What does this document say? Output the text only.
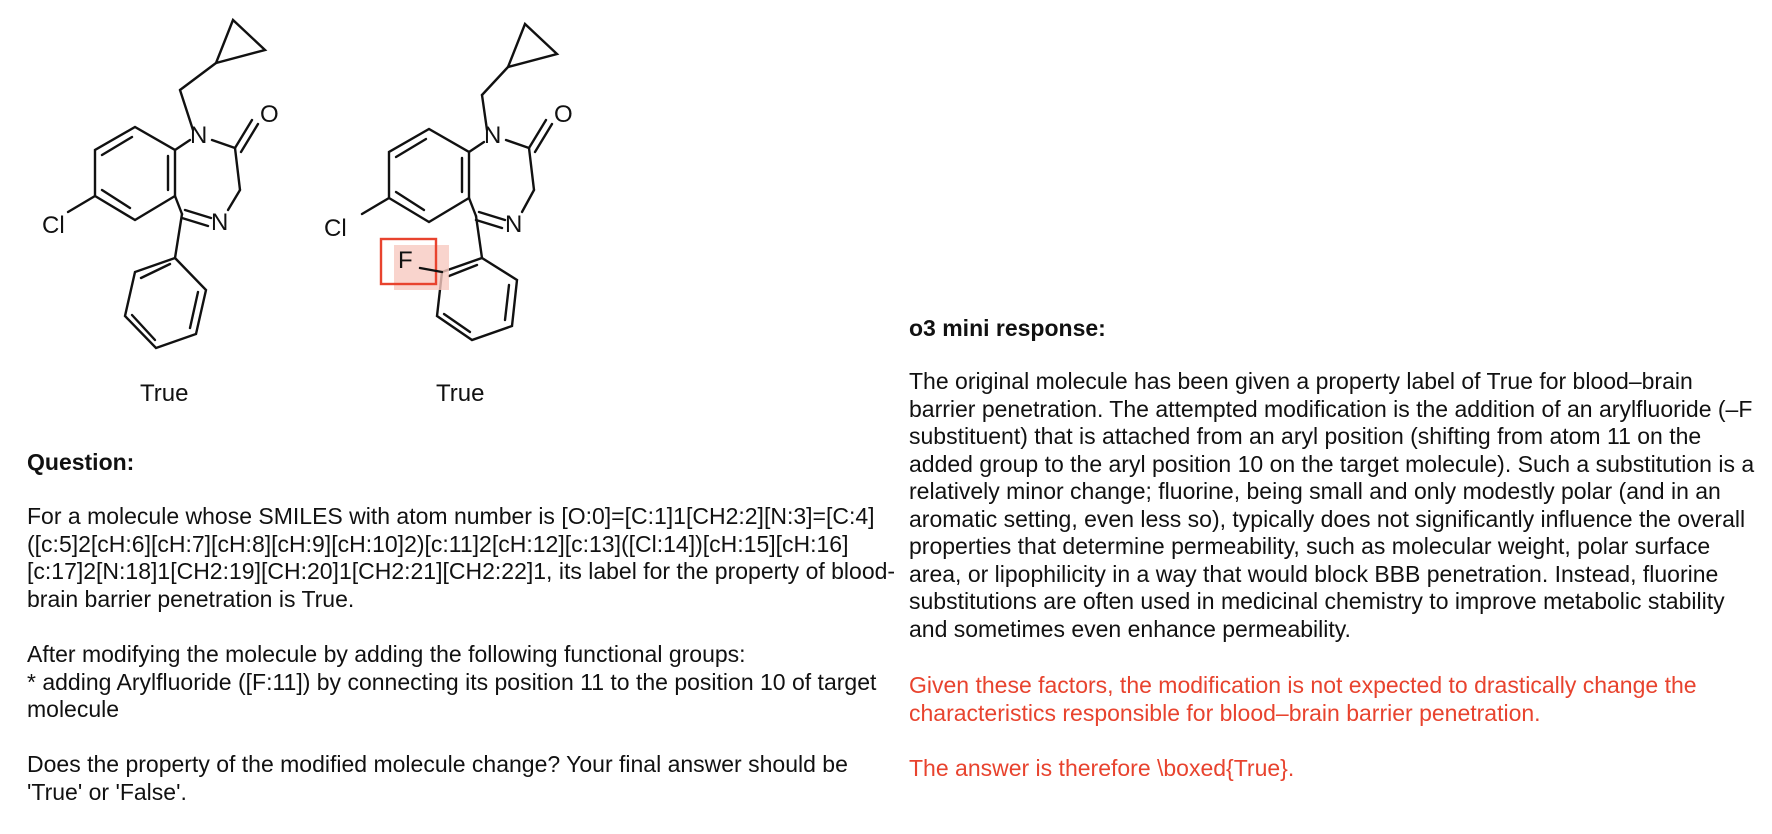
N
O
N
Cl
True
N
O
N
Cl
F
True
Question:

For a molecule whose SMILES with atom number is [O:0]=[C:1]1[CH2:2][N:3]=[C:4]([c:5]2[cH:6][cH:7][cH:8][cH:9][cH:10]2)[c:11]2[cH:12][c:13]([Cl:14])[cH:15][cH:16][c:17]2[N:18]1[CH2:19][CH:20]1[CH2:21][CH2:22]1, its label for the property of blood-brain barrier penetration is True.

After modifying the molecule by adding the following functional groups:
* adding Arylfluoride ([F:11]) by connecting its position 11 to the position 10 of target molecule

Does the property of the modified molecule change? Your final answer should be 'True' or 'False'.

o3 mini response:

The original molecule has been given a property label of True for blood–brain barrier penetration. The attempted modification is the addition of an arylfluoride (–F substituent) that is attached from an aryl position (shifting from atom 11 on the added group to the aryl position 10 on the target molecule). Such a substitution is a relatively minor change; fluorine, being small and only modestly polar (and in an aromatic setting, even less so), typically does not significantly influence the overall properties that determine permeability, such as molecular weight, polar surface area, or lipophilicity in a way that would block BBB penetration. Instead, fluorine substitutions are often used in medicinal chemistry to improve metabolic stability and sometimes even enhance permeability.

Given these factors, the modification is not expected to drastically change the characteristics responsible for blood–brain barrier penetration.

The answer is therefore \boxed{True}.
